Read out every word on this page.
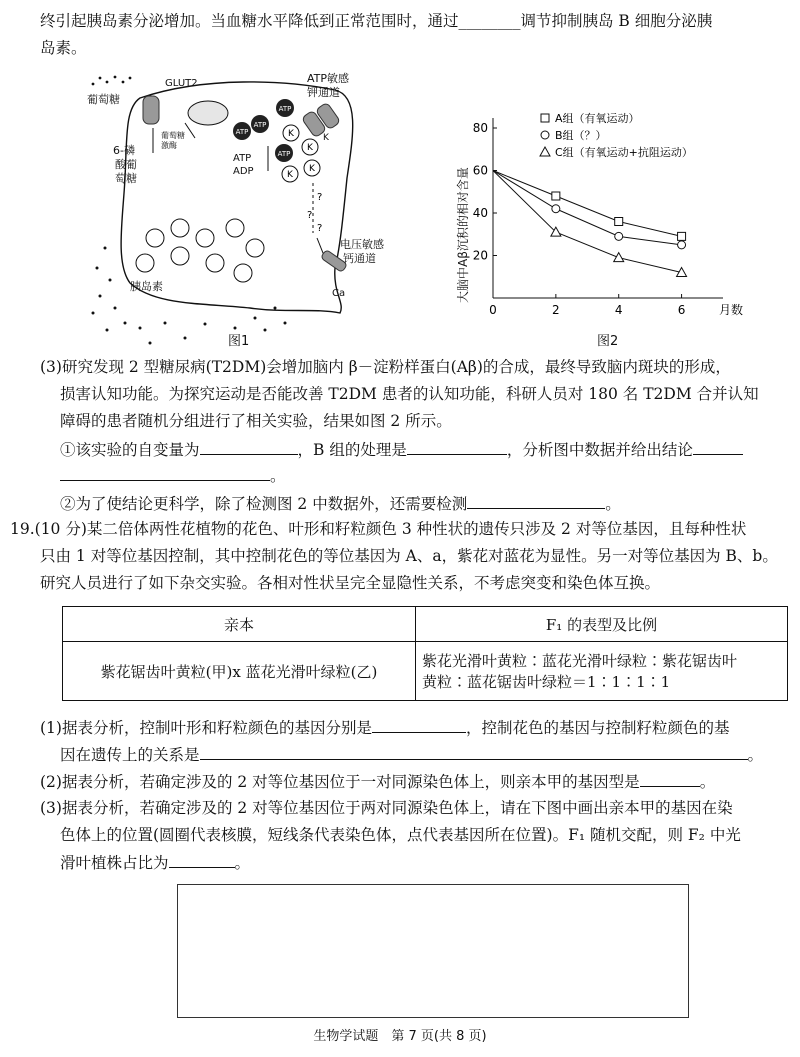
终引起胰岛素分泌增加。当血糖水平降低到正常范围时，通过________调节抑制胰岛 B 细胞分泌胰
岛素。
ATP
ATP
ATP
ATP
K
K
K
K
?
?
?
葡萄糖
GLUT2
6-磷
酸葡
萄糖
葡萄糖
激酶
ATP敏感
钾通道
ATP
ADP
K
电压敏感
钙通道
Ca
胰岛素
图1
20
40
60
80
0	2	4	6	月数
A组（有氧运动）
B组（？）
C组（有氧运动+抗阻运动）
大脑中Aβ沉积的相对含量
图2
(3)研究发现 2 型糖尿病(T2DM)会增加脑内 β－淀粉样蛋白(Aβ)的合成，最终导致脑内斑块的形成，
损害认知功能。为探究运动是否能改善 T2DM 患者的认知功能，科研人员对 180 名 T2DM 合并认知
障碍的患者随机分组进行了相关实验，结果如图 2 所示。
①该实验的自变量为	，B 组的处理是	，分析图中数据并给出结论
。
②为了使结论更科学，除了检测图 2 中数据外，还需要检测	。
19.(10 分)某二倍体两性花植物的花色、叶形和籽粒颜色 3 种性状的遗传只涉及 2 对等位基因，且每种性状
只由 1 对等位基因控制，其中控制花色的等位基因为 A、a，紫花对蓝花为显性。另一对等位基因为 B、b。
研究人员进行了如下杂交实验。各相对性状呈完全显隐性关系，不考虑突变和染色体互换。
亲本	F₁ 的表型及比例
紫花锯齿叶黄粒(甲)x 蓝花光滑叶绿粒(乙)	紫花光滑叶黄粒∶蓝花光滑叶绿粒∶紫花锯齿叶
黄粒∶蓝花锯齿叶绿粒＝1∶1∶1∶1
(1)据表分析，控制叶形和籽粒颜色的基因分别是	，控制花色的基因与控制籽粒颜色的基
因在遗传上的关系是	。
(2)据表分析，若确定涉及的 2 对等位基因位于一对同源染色体上，则亲本甲的基因型是	。
(3)据表分析，若确定涉及的 2 对等位基因位于两对同源染色体上，请在下图中画出亲本甲的基因在染
色体上的位置(圆圈代表核膜，短线条代表染色体，点代表基因所在位置)。F₁ 随机交配，则 F₂ 中光
滑叶植株占比为	。
生物学试题　第 7 页(共 8 页)
